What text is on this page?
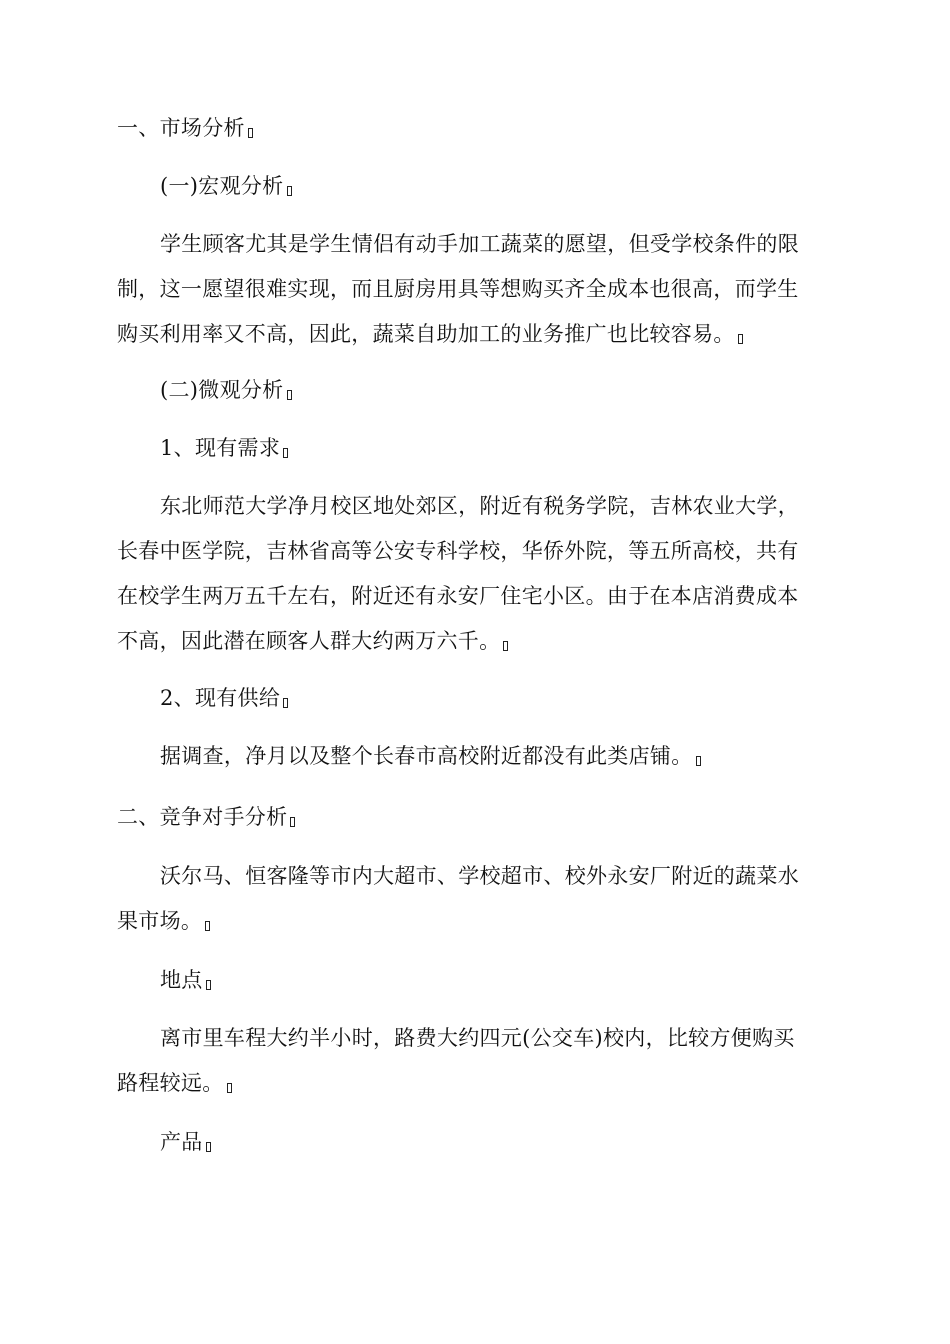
一、市场分析

(一)宏观分析

学生顾客尤其是学生情侣有动手加工蔬菜的愿望，但受学校条件的限
制，这一愿望很难实现，而且厨房用具等想购买齐全成本也很高，而学生
购买利用率又不高，因此，蔬菜自助加工的业务推广也比较容易。

(二)微观分析

1、现有需求

东北师范大学净月校区地处郊区，附近有税务学院，吉林农业大学，
长春中医学院，吉林省高等公安专科学校，华侨外院，等五所高校，共有
在校学生两万五千左右，附近还有永安厂住宅小区。由于在本店消费成本
不高，因此潜在顾客人群大约两万六千。

2、现有供给

据调查，净月以及整个长春市高校附近都没有此类店铺。

二、竞争对手分析

沃尔马、恒客隆等市内大超市、学校超市、校外永安厂附近的蔬菜水
果市场。

地点

离市里车程大约半小时，路费大约四元(公交车)校内，比较方便购买
路程较远。

产品
